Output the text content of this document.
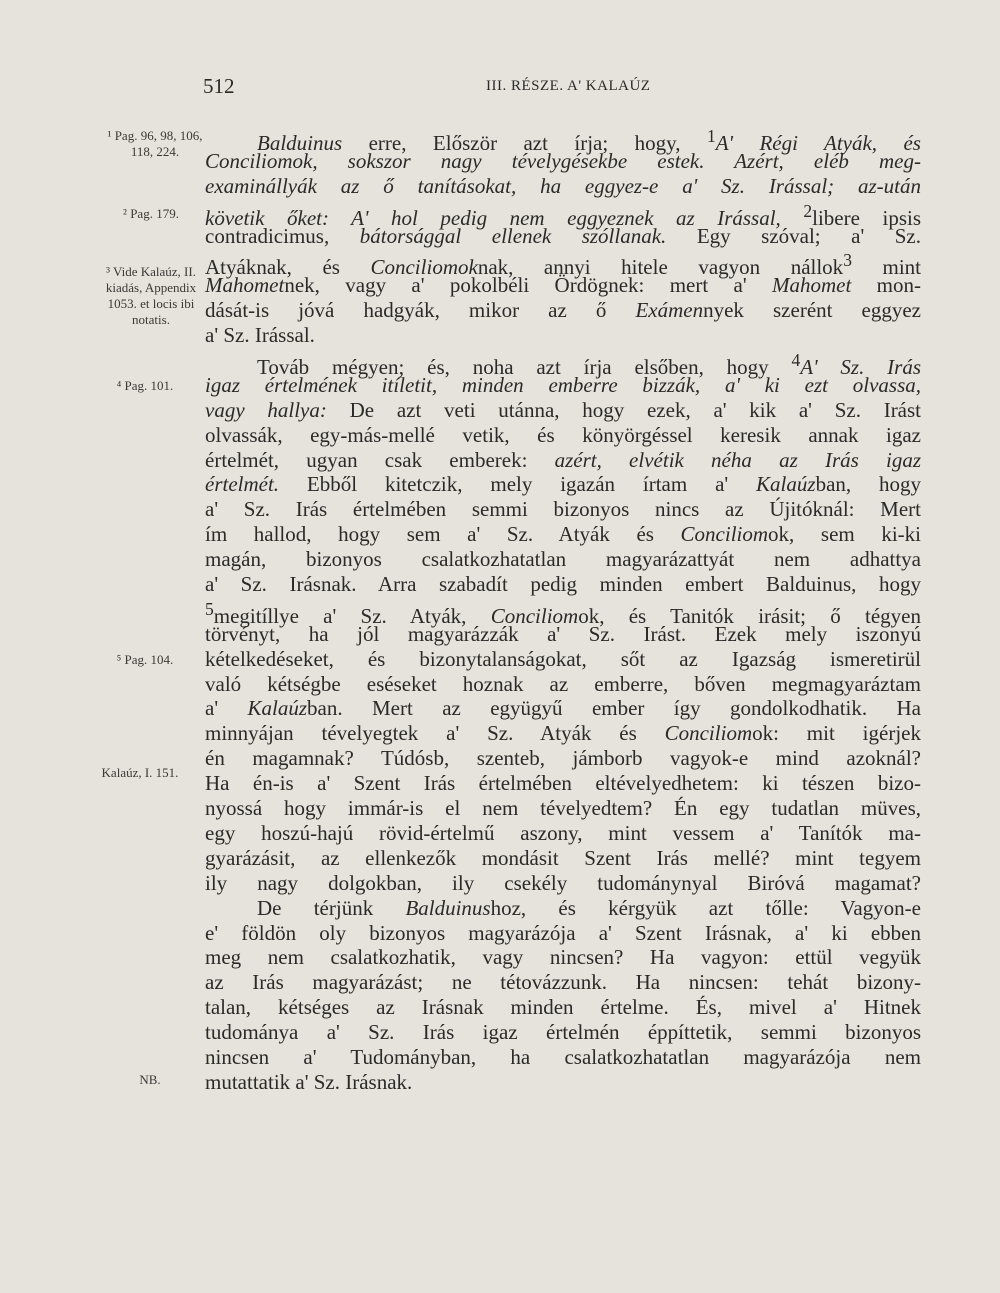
512	III. RÉSZE. A' KALAÚZ
¹ Pag. 96, 98, 106, 118, 224.
² Pag. 179.
³ Vide Kalaúz, II. kiadás, Appendix 1053. et locis ibi notatis.
⁴ Pag. 101.
⁵ Pag. 104.
Kalaúz, I. 151.
NB.
Balduinus erre, Először azt írja; hogy, $^1$A' Régi Atyák, és
Conciliomok, sokszor nagy tévelygésekbe estek. Azért, eléb meg-
examinállyák az ő tanításokat, ha eggyez-e a' Sz. Irással; az-után
követik őket: A' hol pedig nem eggyeznek az Irással, $^2$libere ipsis
contradicimus, bátorsággal ellenek szóllanak. Egy szóval; a' Sz.
Atyáknak, és Conciliomoknak, annyi hitele vagyon nállok$^3$ mint
Mahometnek, vagy a' pokolbéli Ördögnek: mert a' Mahomet mon-
dását-is jóvá hadgyák, mikor az ő Exámennyek szerént eggyez
a' Sz. Irással.
Továb mégyen; és, noha azt írja elsőben, hogy $^4$A' Sz. Irás
igaz értelmének itíletit, minden emberre bizzák, a' ki ezt olvassa,
vagy hallya: De azt veti utánna, hogy ezek, a' kik a' Sz. Irást
olvassák, egy-más-mellé vetik, és könyörgéssel keresik annak igaz
értelmét, ugyan csak emberek: azért, elvétik néha az Irás igaz
értelmét. Ebből kitetczik, mely igazán írtam a' Kalaúzban, hogy
a' Sz. Irás értelmében semmi bizonyos nincs az Újitóknál: Mert
ím hallod, hogy sem a' Sz. Atyák és Conciliomok, sem ki-ki
magán, bizonyos csalatkozhatatlan magyarázattyát nem adhattya
a' Sz. Irásnak. Arra szabadít pedig minden embert Balduinus, hogy
$^5$megitíllye a' Sz. Atyák, Conciliomok, és Tanitók irásit; ő tégyen
törvényt, ha jól magyarázzák a' Sz. Irást. Ezek mely iszonyú
kételkedéseket, és bizonytalanságokat, sőt az Igazság ismeretirül
való kétségbe eséseket hoznak az emberre, bőven megmagyaráztam
a' Kalaúzban. Mert az együgyű ember így gondolkodhatik. Ha
minnyájan tévelyegtek a' Sz. Atyák és Conciliomok: mit igérjek
én magamnak? Túdósb, szenteb, jámborb vagyok-e mind azoknál?
Ha én-is a' Szent Irás értelmében eltévelyedhetem: ki tészen bizo-
nyossá hogy immár-is el nem tévelyedtem? Én egy tudatlan müves,
egy hoszú-hajú rövid-értelmű aszony, mint vessem a' Tanítók ma-
gyarázásit, az ellenkezők mondásit Szent Irás mellé? mint tegyem
ily nagy dolgokban, ily csekély tudománynyal Biróvá magamat?
De térjünk Balduinushoz, és kérgyük azt tőlle: Vagyon-e
e' földön oly bizonyos magyarázója a' Szent Irásnak, a' ki ebben
meg nem csalatkozhatik, vagy nincsen? Ha vagyon: ettül vegyük
az Irás magyarázást; ne tétovázzunk. Ha nincsen: tehát bizony-
talan, kétséges az Irásnak minden értelme. És, mivel a' Hitnek
tudománya a' Sz. Irás igaz értelmén éppíttetik, semmi bizonyos
nincsen a' Tudományban, ha csalatkozhatatlan magyarázója nem
mutattatik a' Sz. Irásnak.
